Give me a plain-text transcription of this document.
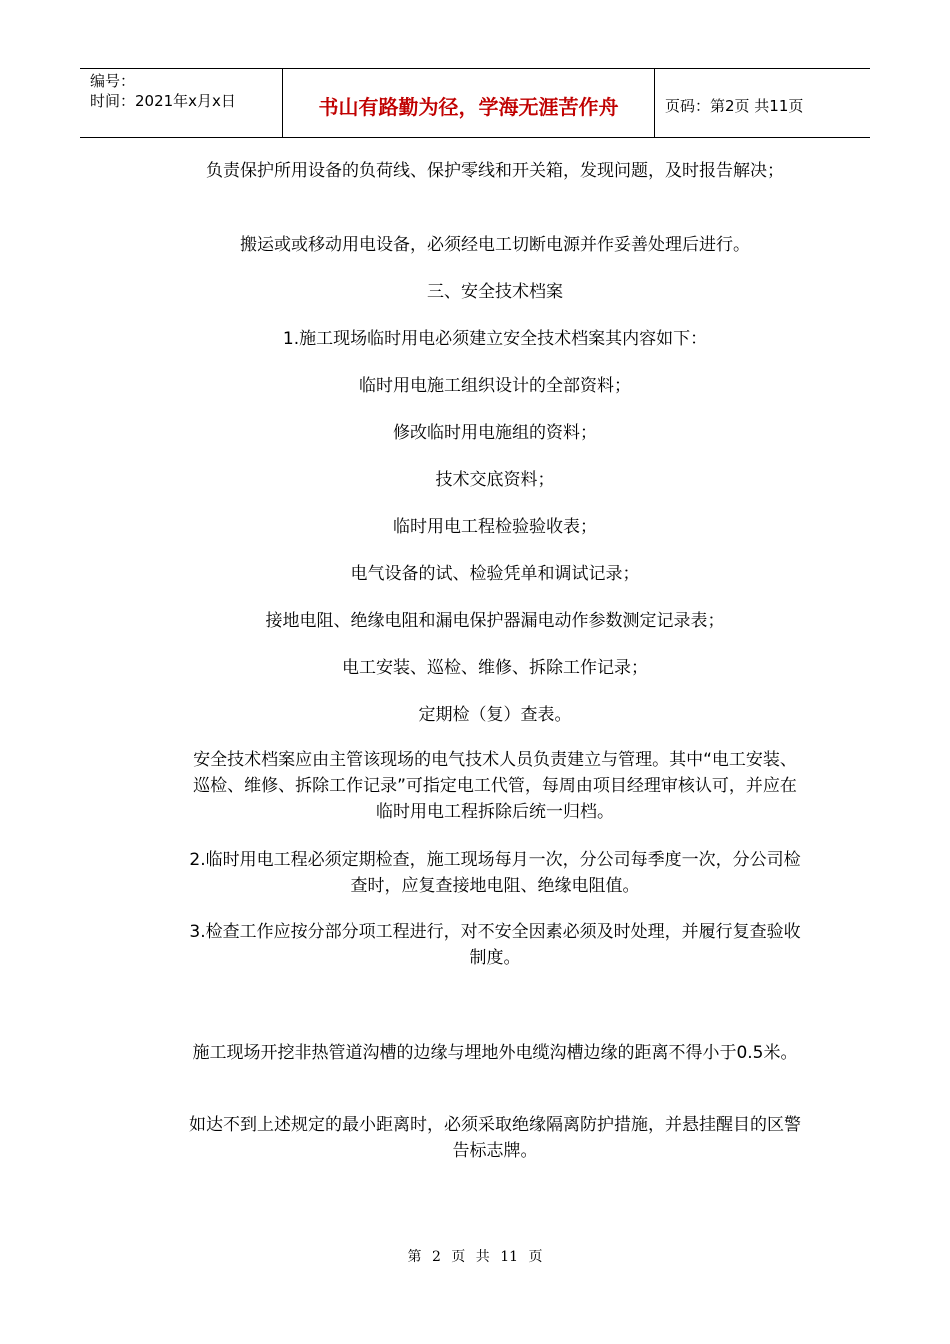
编号：
时间：2021年x月x日	书山有路勤为径，学海无涯苦作舟	页码：第2页 共11页
负责保护所用设备的负荷线、保护零线和开关箱，发现问题，及时报告解决；
搬运或或移动用电设备，必须经电工切断电源并作妥善处理后进行。
三、安全技术档案
1.施工现场临时用电必须建立安全技术档案其内容如下：
临时用电施工组织设计的全部资料；
修改临时用电施组的资料；
技术交底资料；
临时用电工程检验验收表；
电气设备的试、检验凭单和调试记录；
接地电阻、绝缘电阻和漏电保护器漏电动作参数测定记录表；
电工安装、巡检、维修、拆除工作记录；
定期检（复）查表。
安全技术档案应由主管该现场的电气技术人员负责建立与管理。其中“电工安装、巡检、维修、拆除工作记录”可指定电工代管，每周由项目经理审核认可，并应在临时用电工程拆除后统一归档。
2.临时用电工程必须定期检查，施工现场每月一次，分公司每季度一次，分公司检查时，应复查接地电阻、绝缘电阻值。
3.检查工作应按分部分项工程进行，对不安全因素必须及时处理，并履行复查验收制度。
施工现场开挖非热管道沟槽的边缘与埋地外电缆沟槽边缘的距离不得小于0.5米。
如达不到上述规定的最小距离时，必须采取绝缘隔离防护措施，并悬挂醒目的区警告标志牌。
第 2 页 共 11 页
